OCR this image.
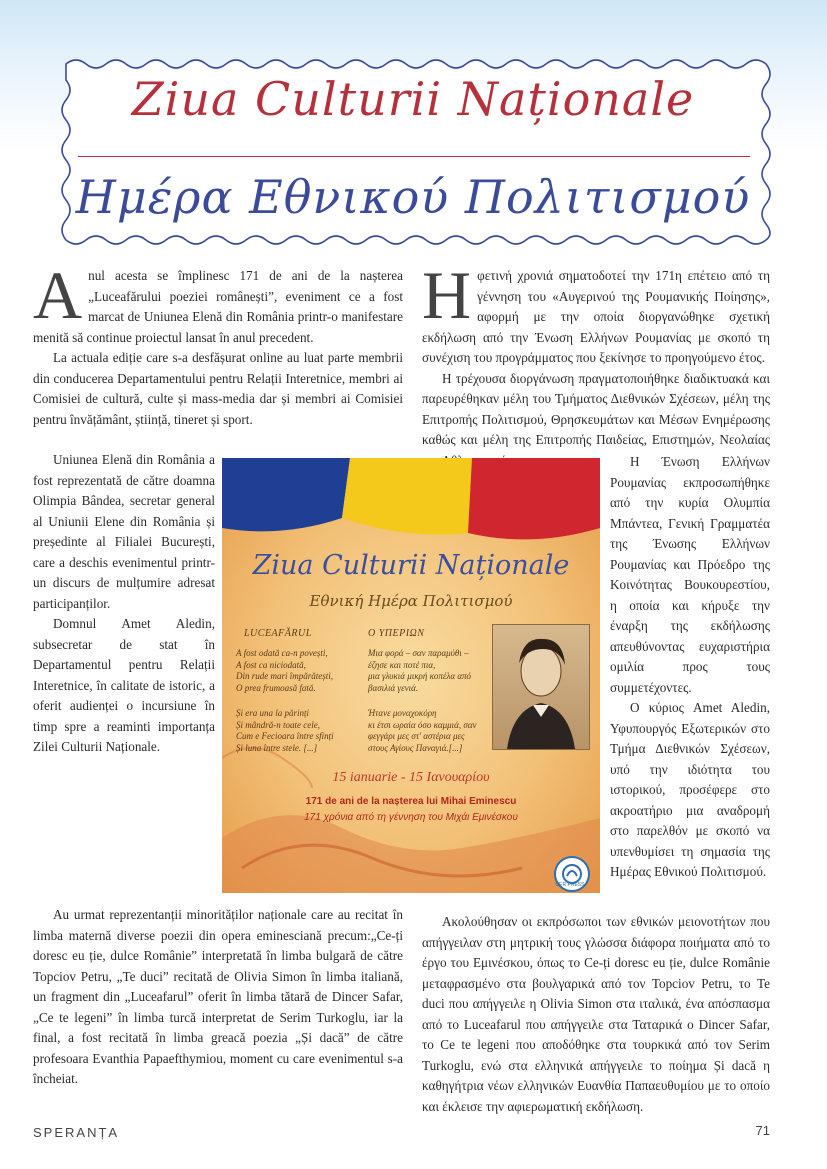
Ziua Culturii Naționale
Ημέρα Εθνικού Πολιτισμού

Anul acesta se împlinesc 171 de ani de la nașterea „Luceafărului poeziei românești”, eveniment ce a fost marcat de Uniunea Elenă din România printr-o manifestare menită să continue proiectul lansat în anul precedent.

La actuala ediție care s-a desfășurat online au luat parte membrii din conducerea Departamentului pentru Relații Interetnice, membri ai Comisiei de cultură, culte și mass-media dar și membri ai Comisiei pentru învățământ, știință, tineret și sport.

Uniunea Elenă din România a fost reprezentată de către doamna Olimpia Bândea, secretar general al Uniunii Elene din România și președinte al Filialei București, care a deschis evenimentul printr-un discurs de mulțumire adresat participanților.

Domnul Amet Aledin, subsecretar de stat în Departamentul pentru Relații Interetnice, în calitate de istoric, a oferit audienței o incursiune în timp spre a reaminti importanța Zilei Culturii Naționale.

Au urmat reprezentanții minorităților naționale care au recitat în limba maternă diverse poezii din opera eminesciană precum:„Ce-ți doresc eu ție, dulce Românie” interpretată în limba bulgară de către Topciov Petru, „Te duci” recitată de Olivia Simon în limba italiană, un fragment din „Luceafarul” oferit în limba tătară de Dincer Safar, „Ce te legeni” în limba turcă interpretat de Serim Turkoglu, iar la final, a fost recitată în limba greacă poezia „Și dacă” de către profesoara Evanthia Papaefthymiou, moment cu care evenimentul s-a încheiat.

Ηφετινή χρονιά σηματοδοτεί την 171η επέτειο από τη γέννηση του «Αυγερινού της Ρουμανικής Ποίησης», αφορμή με την οποία διοργανώθηκε σχετική εκδήλωση από την Ένωση Ελλήνων Ρουμανίας με σκοπό τη συνέχιση του προγράμματος που ξεκίνησε το προηγούμενο έτος.

Η τρέχουσα διοργάνωση πραγματοποιήθηκε διαδικτυακά και παρευρέθηκαν μέλη του Τμήματος Διεθνικών Σχέσεων, μέλη της Επιτροπής Πολιτισμού, Θρησκευμάτων και Μέσων Ενημέρωσης καθώς και μέλη της Επιτροπής Παιδείας, Επιστημών, Νεολαίας

Η Ένωση Ελλήνων Ρουμανίας εκπροσωπήθηκε από την κυρία Ολυμπία Μπάντεα, Γενική Γραμματέα της Ένωσης Ελλήνων Ρουμανίας και Πρόεδρο της Κοινότητας Βουκουρεστίου, η οποία και κήρυξε την έναρξη της εκδήλωσης απευθύνοντας ευχαριστήρια ομιλία προς τους συμμετέχοντες.

Ο κύριος Amet Aledin, Υφυπουργός Εξωτερικών στο Τμήμα Διεθνικών Σχέσεων, υπό την ιδιότητα του ιστορικού, προσέφερε στο ακροατήριο μια αναδρομή στο παρελθόν με σκοπό να υπενθυμίσει τη σημασία της Ημέρας Εθνικού Πολιτισμού.

Ακολούθησαν οι εκπρόσωποι των εθνικών μειονοτήτων που απήγγειλαν στη μητρική τους γλώσσα διάφορα ποιήματα από το έργο του Εμινέσκου, όπως το Ce-ți doresc eu ție, dulce Românie μεταφρασμένο στα βουλγαρικά από τον Topciov Petru, το Te duci που απήγγειλε η Olivia Simon στα ιταλικά, ένα απόσπασμα από το Luceafarul που απήγγειλε στα Ταταρικά ο Dincer Safar, το Ce te legeni που αποδόθηκε στα τουρκικά από τον Serim Turkoglu, ενώ στα ελληνικά απήγγειλε το ποίημα Și dacă η καθηγήτρια νέων ελληνικών Ευανθία Παπαευθυμίου με το οποίο και έκλεισε την αφιερωματική εκδήλωση.

Ziua Culturii Naționale
Εθνική Ημέρα Πολιτισμού
LUCEAFĂRUL	Ο ΥΠΕΡΙΩΝ
A fost odată ca-n povești,
A fost ca niciodată,
Din rude mari împărătești,
O prea frumoasă fată.
Și era una la părinți
Și mândră-n toate cele,
Cum e Fecioara între sfinți
Și luna între stele. [...]
Μια φορά – σαν παραμύθι –
έζησε και ποτέ πια,
μια γλυκιά μικρή κοπέλα από
βασιλιά γενιά.
Ήτανε μοναχοκόρη
κι έτσι ωραία όσο καμμιά, σαν
φεγγάρι μες στ' αστέρια μες
στους Αγίους Παναγιά.[...]
15 ianuarie - 15 Ιανουαρίου
171 de ani de la nașterea lui Mihai Eminescu
171 χρόνια από τη γέννηση του Μιχάι Εμινέσκου
UER PRESS
SPERANȚA	71
